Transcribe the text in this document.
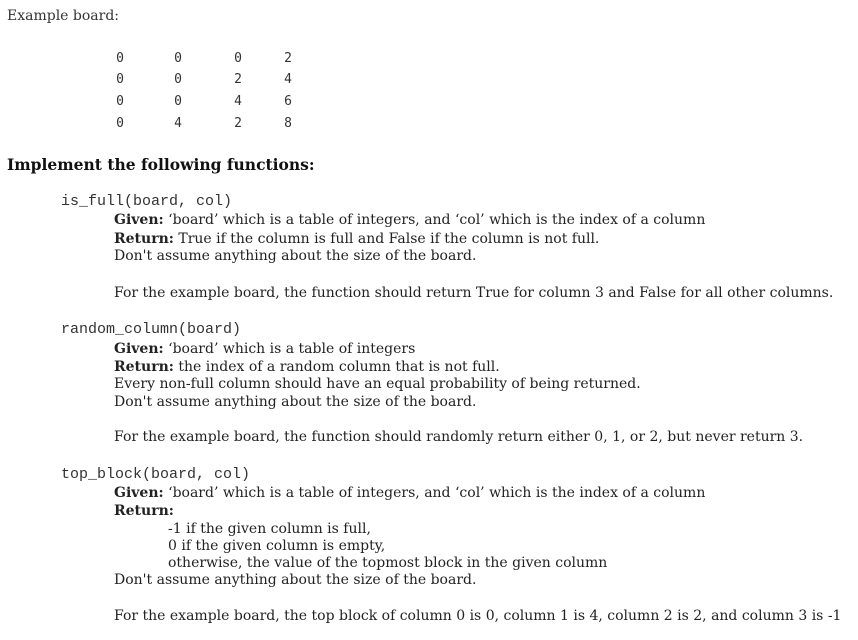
Example board:
0	0	0	2
0	0	2	4
0	0	4	6
0	4	2	8
Implement the following functions:
is_full(board, col)
Given: ‘board’ which is a table of integers, and ‘col’ which is the index of a column
Return: True if the column is full and False if the column is not full.
Don't assume anything about the size of the board.
For the example board, the function should return True for column 3 and False for all other columns.
random_column(board)
Given: ‘board’ which is a table of integers
Return: the index of a random column that is not full.
Every non-full column should have an equal probability of being returned.
Don't assume anything about the size of the board.
For the example board, the function should randomly return either 0, 1, or 2, but never return 3.
top_block(board, col)
Given: ‘board’ which is a table of integers, and ‘col’ which is the index of a column
Return:
-1 if the given column is full,
0 if the given column is empty,
otherwise, the value of the topmost block in the given column
Don't assume anything about the size of the board.
For the example board, the top block of column 0 is 0, column 1 is 4, column 2 is 2, and column 3 is -1
